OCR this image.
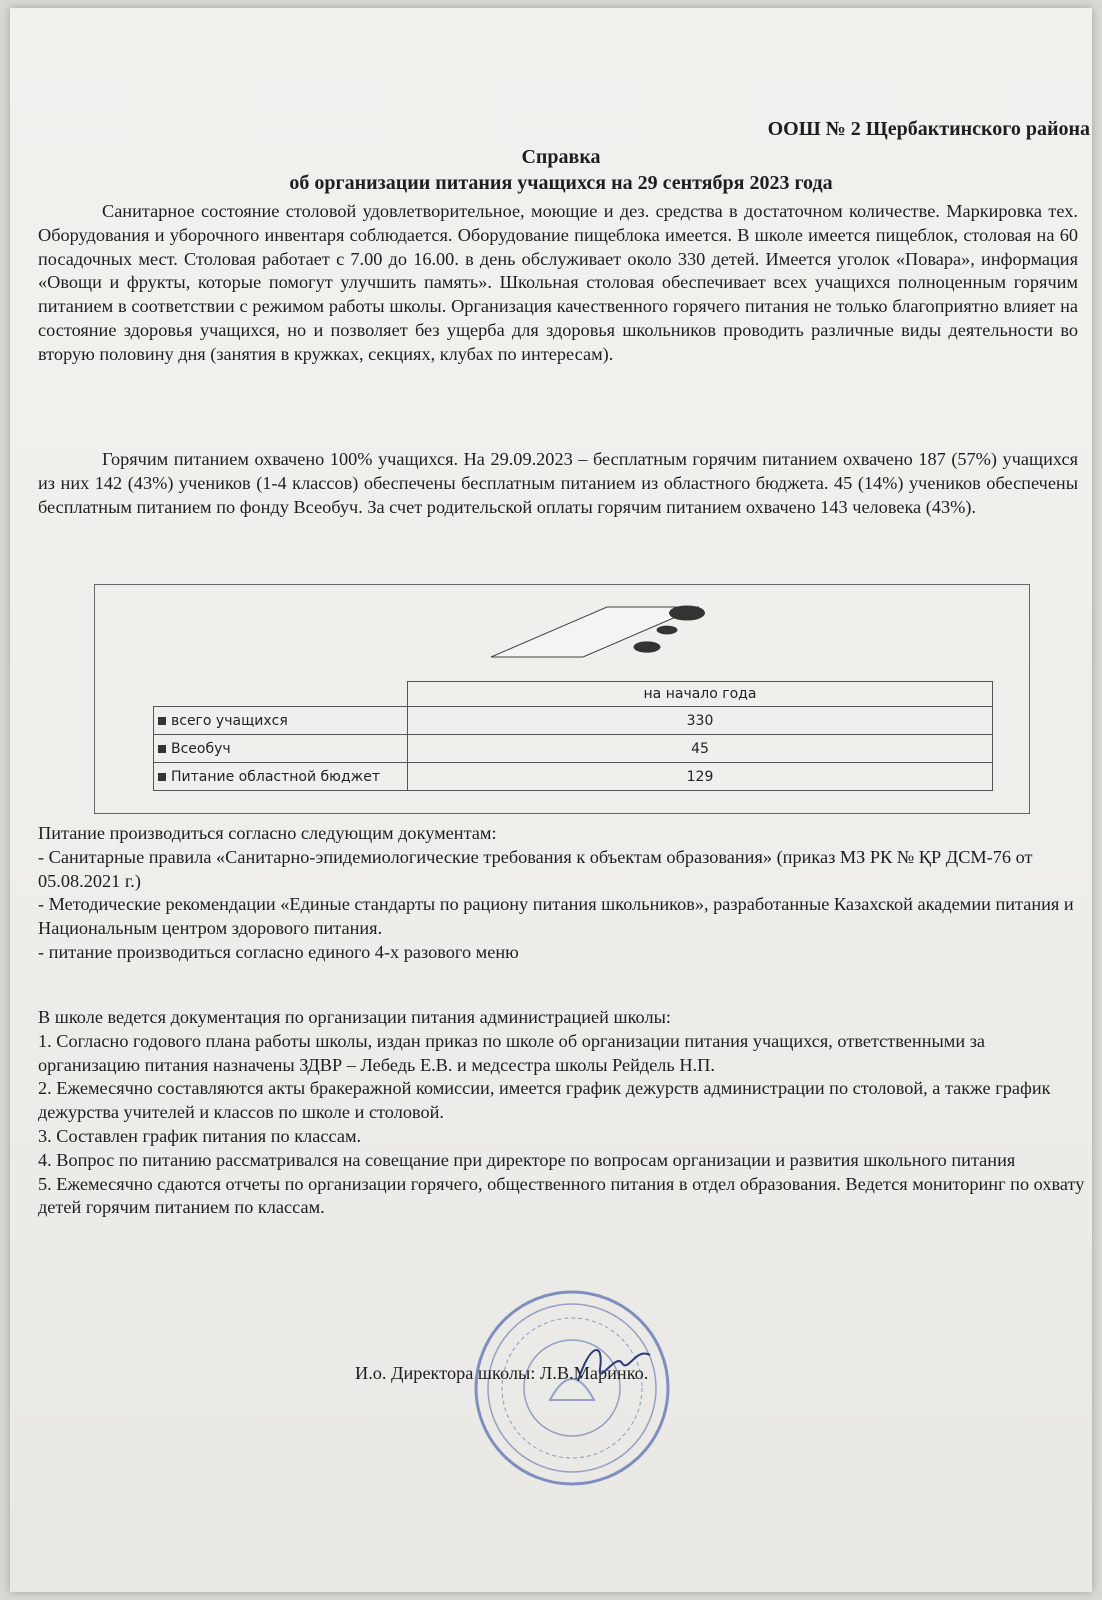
ООШ № 2 Щербактинского района
Справка
об организации питания учащихся на 29 сентября 2023 года

Санитарное состояние столовой удовлетворительное, моющие и дез. средства в достаточном количестве. Маркировка тех. Оборудования и уборочного инвентаря соблюдается. Оборудование пищеблока имеется. В школе имеется пищеблок, столовая на 60 посадочных мест. Столовая работает с 7.00 до 16.00. в день обслуживает около 330 детей. Имеется уголок «Повара», информация «Овощи и фрукты, которые помогут улучшить память». Школьная столовая обеспечивает всех учащихся полноценным горячим питанием в соответствии с режимом работы школы. Организация качественного горячего питания не только благоприятно влияет на состояние здоровья учащихся, но и позволяет без ущерба для здоровья школьников проводить различные виды деятельности во вторую половину дня (занятия в кружках, секциях, клубах по интересам).

Горячим питанием охвачено 100% учащихся. На 29.09.2023 – бесплатным горячим питанием охвачено 187 (57%) учащихся из них 142 (43%) учеников (1-4 классов) обеспечены бесплатным питанием из областного бюджета. 45 (14%) учеников обеспечены бесплатным питанием по фонду Всеобуч. За счет родительской оплаты горячим питанием охвачено 143 человека (43%).

	на начало года
всего учащихся	330
Всеобуч	45
Питание областной бюджет	129
Питание производиться согласно следующим документам:
- Санитарные правила «Санитарно-эпидемиологические требования к объектам образования» (приказ МЗ РК № ҚР ДСМ-76 от 05.08.2021 г.)
- Методические рекомендации «Единые стандарты по рациону питания школьников», разработанные Казахской академии питания и Национальным центром здорового питания.
- питание производиться согласно единого 4-х разового меню
В школе ведется документация по организации питания администрацией школы:
1. Согласно годового плана работы школы, издан приказ по школе об организации питания учащихся, ответственными за организацию питания назначены ЗДВР – Лебедь Е.В. и медсестра школы Рейдель Н.П.
2. Ежемесячно составляются акты бракеражной комиссии, имеется график дежурств администрации по столовой, а также график дежурства учителей и классов по школе и столовой.
3. Составлен график питания по классам.
4. Вопрос по питанию рассматривался на совещание при директоре по вопросам организации и развития школьного питания
5. Ежемесячно сдаются отчеты по организации горячего, общественного питания в отдел образования. Ведется мониторинг по охвату детей горячим питанием по классам.
И.о. Директора школы: Л.В.Маринко.
